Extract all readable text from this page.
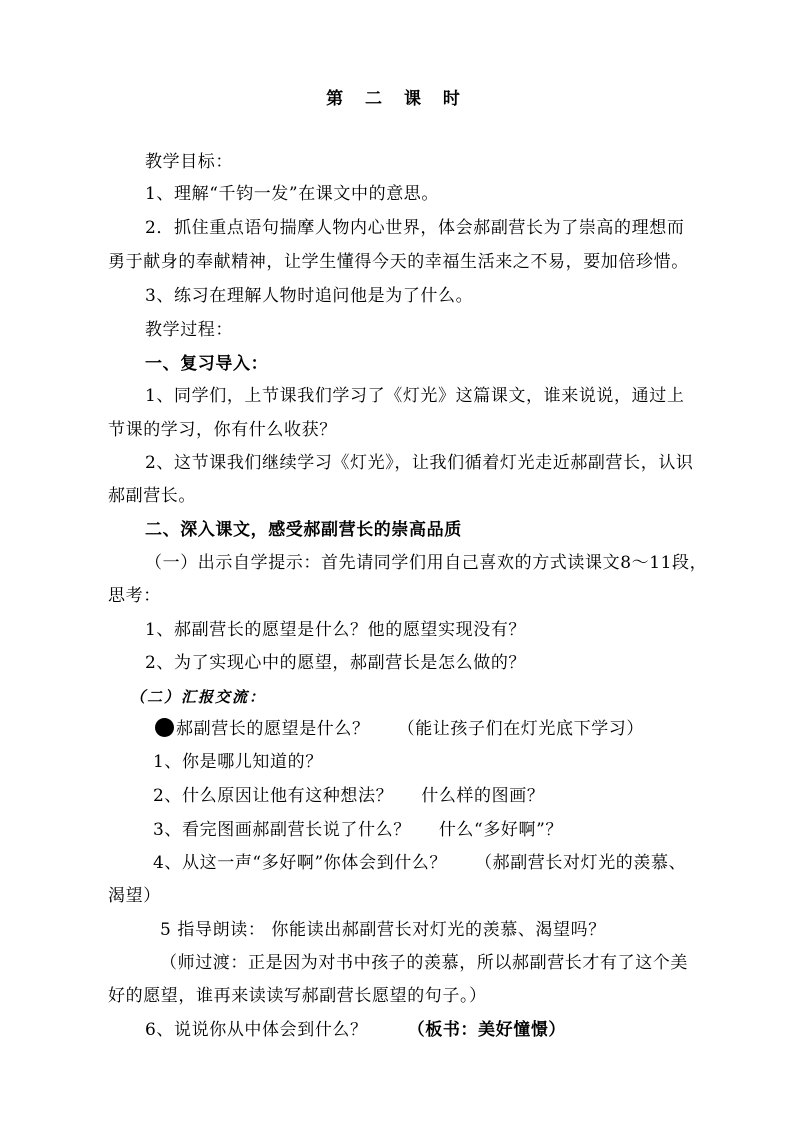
第 二 课 时
教学目标：
1、理解“千钧一发”在课文中的意思。
2．抓住重点语句揣摩人物内心世界，体会郝副营长为了崇高的理想而
勇于献身的奉献精神，让学生懂得今天的幸福生活来之不易，要加倍珍惜。
3、练习在理解人物时追问他是为了什么。
教学过程：
一、复习导入：
1、同学们，上节课我们学习了《灯光》这篇课文，谁来说说，通过上
节课的学习，你有什么收获？
2、这节课我们继续学习《灯光》，让我们循着灯光走近郝副营长，认识
郝副营长。
二、深入课文，感受郝副营长的崇高品质
（一）出示自学提示：首先请同学们用自己喜欢的方式读课文8～11段，
思考：
1、郝副营长的愿望是什么？他的愿望实现没有？
2、为了实现心中的愿望，郝副营长是怎么做的？
（二）汇报交流：
郝副营长的愿望是什么？ （能让孩子们在灯光底下学习）
1、你是哪儿知道的？
2、什么原因让他有这种想法？ 什么样的图画？
3、看完图画郝副营长说了什么？ 什么“多好啊”？
4、从这一声“多好啊”你体会到什么？ （郝副营长对灯光的羡慕、
渴望）
5 指导朗读： 你能读出郝副营长对灯光的羡慕、渴望吗？
（师过渡：正是因为对书中孩子的羡慕，所以郝副营长才有了这个美
好的愿望，谁再来读读写郝副营长愿望的句子。）
6、说说你从中体会到什么？ （板书：美好憧憬）
